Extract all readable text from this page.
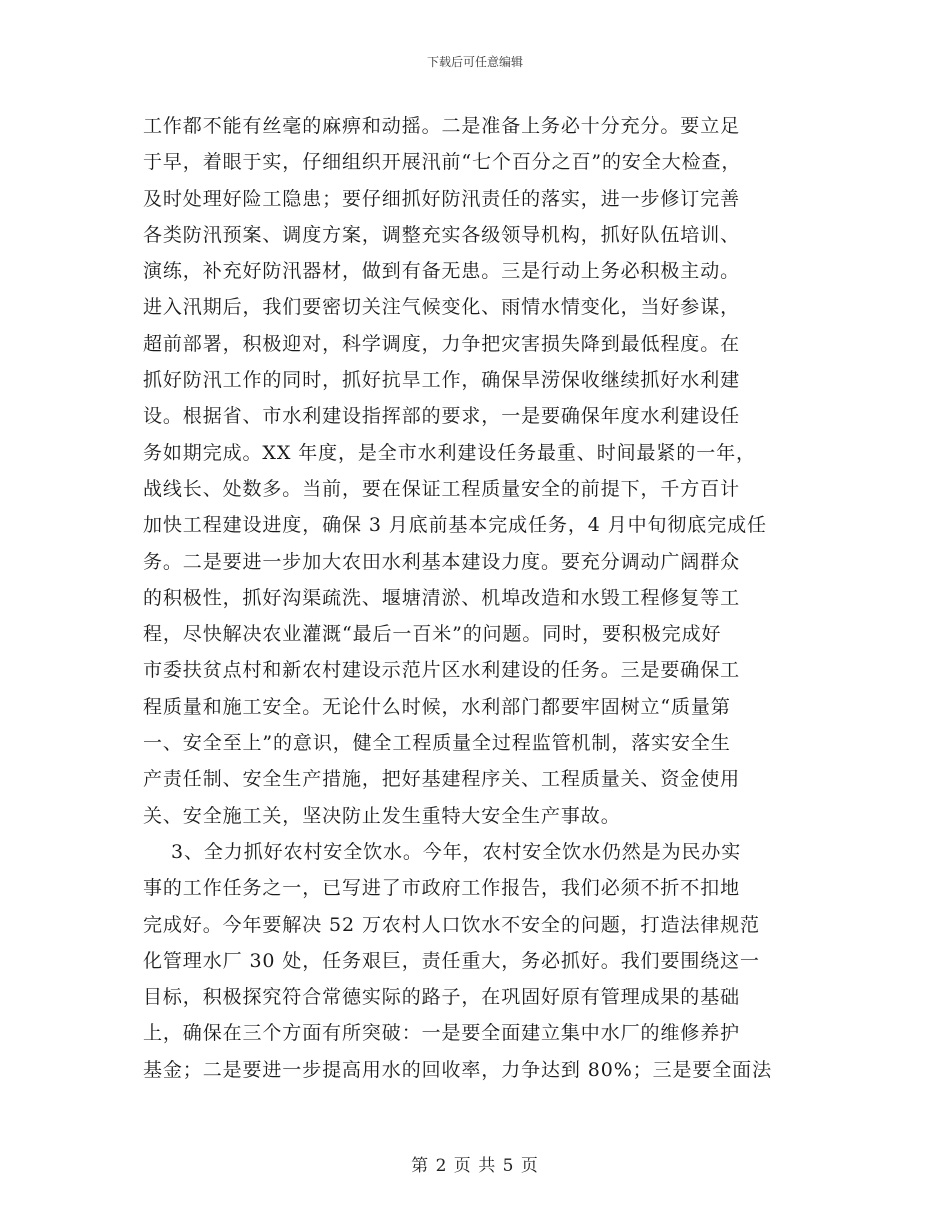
下载后可任意编辑
工作都不能有丝毫的麻痹和动摇。二是准备上务必十分充分。要立足
于早，着眼于实，仔细组织开展汛前“七个百分之百”的安全大检查，
及时处理好险工隐患；要仔细抓好防汛责任的落实，进一步修订完善
各类防汛预案、调度方案，调整充实各级领导机构，抓好队伍培训、
演练，补充好防汛器材，做到有备无患。三是行动上务必积极主动。
进入汛期后，我们要密切关注气候变化、雨情水情变化，当好参谋，
超前部署，积极迎对，科学调度，力争把灾害损失降到最低程度。在
抓好防汛工作的同时，抓好抗旱工作，确保旱涝保收继续抓好水利建
设。根据省、市水利建设指挥部的要求，一是要确保年度水利建设任
务如期完成。XX 年度，是全市水利建设任务最重、时间最紧的一年，
战线长、处数多。当前，要在保证工程质量安全的前提下，千方百计
加快工程建设进度，确保 3 月底前基本完成任务，4 月中旬彻底完成任
务。二是要进一步加大农田水利基本建设力度。要充分调动广阔群众
的积极性，抓好沟渠疏洗、堰塘清淤、机埠改造和水毁工程修复等工
程，尽快解决农业灌溉“最后一百米”的问题。同时，要积极完成好
市委扶贫点村和新农村建设示范片区水利建设的任务。三是要确保工
程质量和施工安全。无论什么时候，水利部门都要牢固树立“质量第
一、安全至上”的意识，健全工程质量全过程监管机制，落实安全生
产责任制、安全生产措施，把好基建程序关、工程质量关、资金使用
关、安全施工关，坚决防止发生重特大安全生产事故。
3、全力抓好农村安全饮水。今年，农村安全饮水仍然是为民办实
事的工作任务之一，已写进了市政府工作报告，我们必须不折不扣地
完成好。今年要解决 52 万农村人口饮水不安全的问题，打造法律规范
化管理水厂 30 处，任务艰巨，责任重大，务必抓好。我们要围绕这一
目标，积极探究符合常德实际的路子，在巩固好原有管理成果的基础
上，确保在三个方面有所突破：一是要全面建立集中水厂的维修养护
基金；二是要进一步提高用水的回收率，力争达到 80%；三是要全面法
第 2 页 共 5 页
